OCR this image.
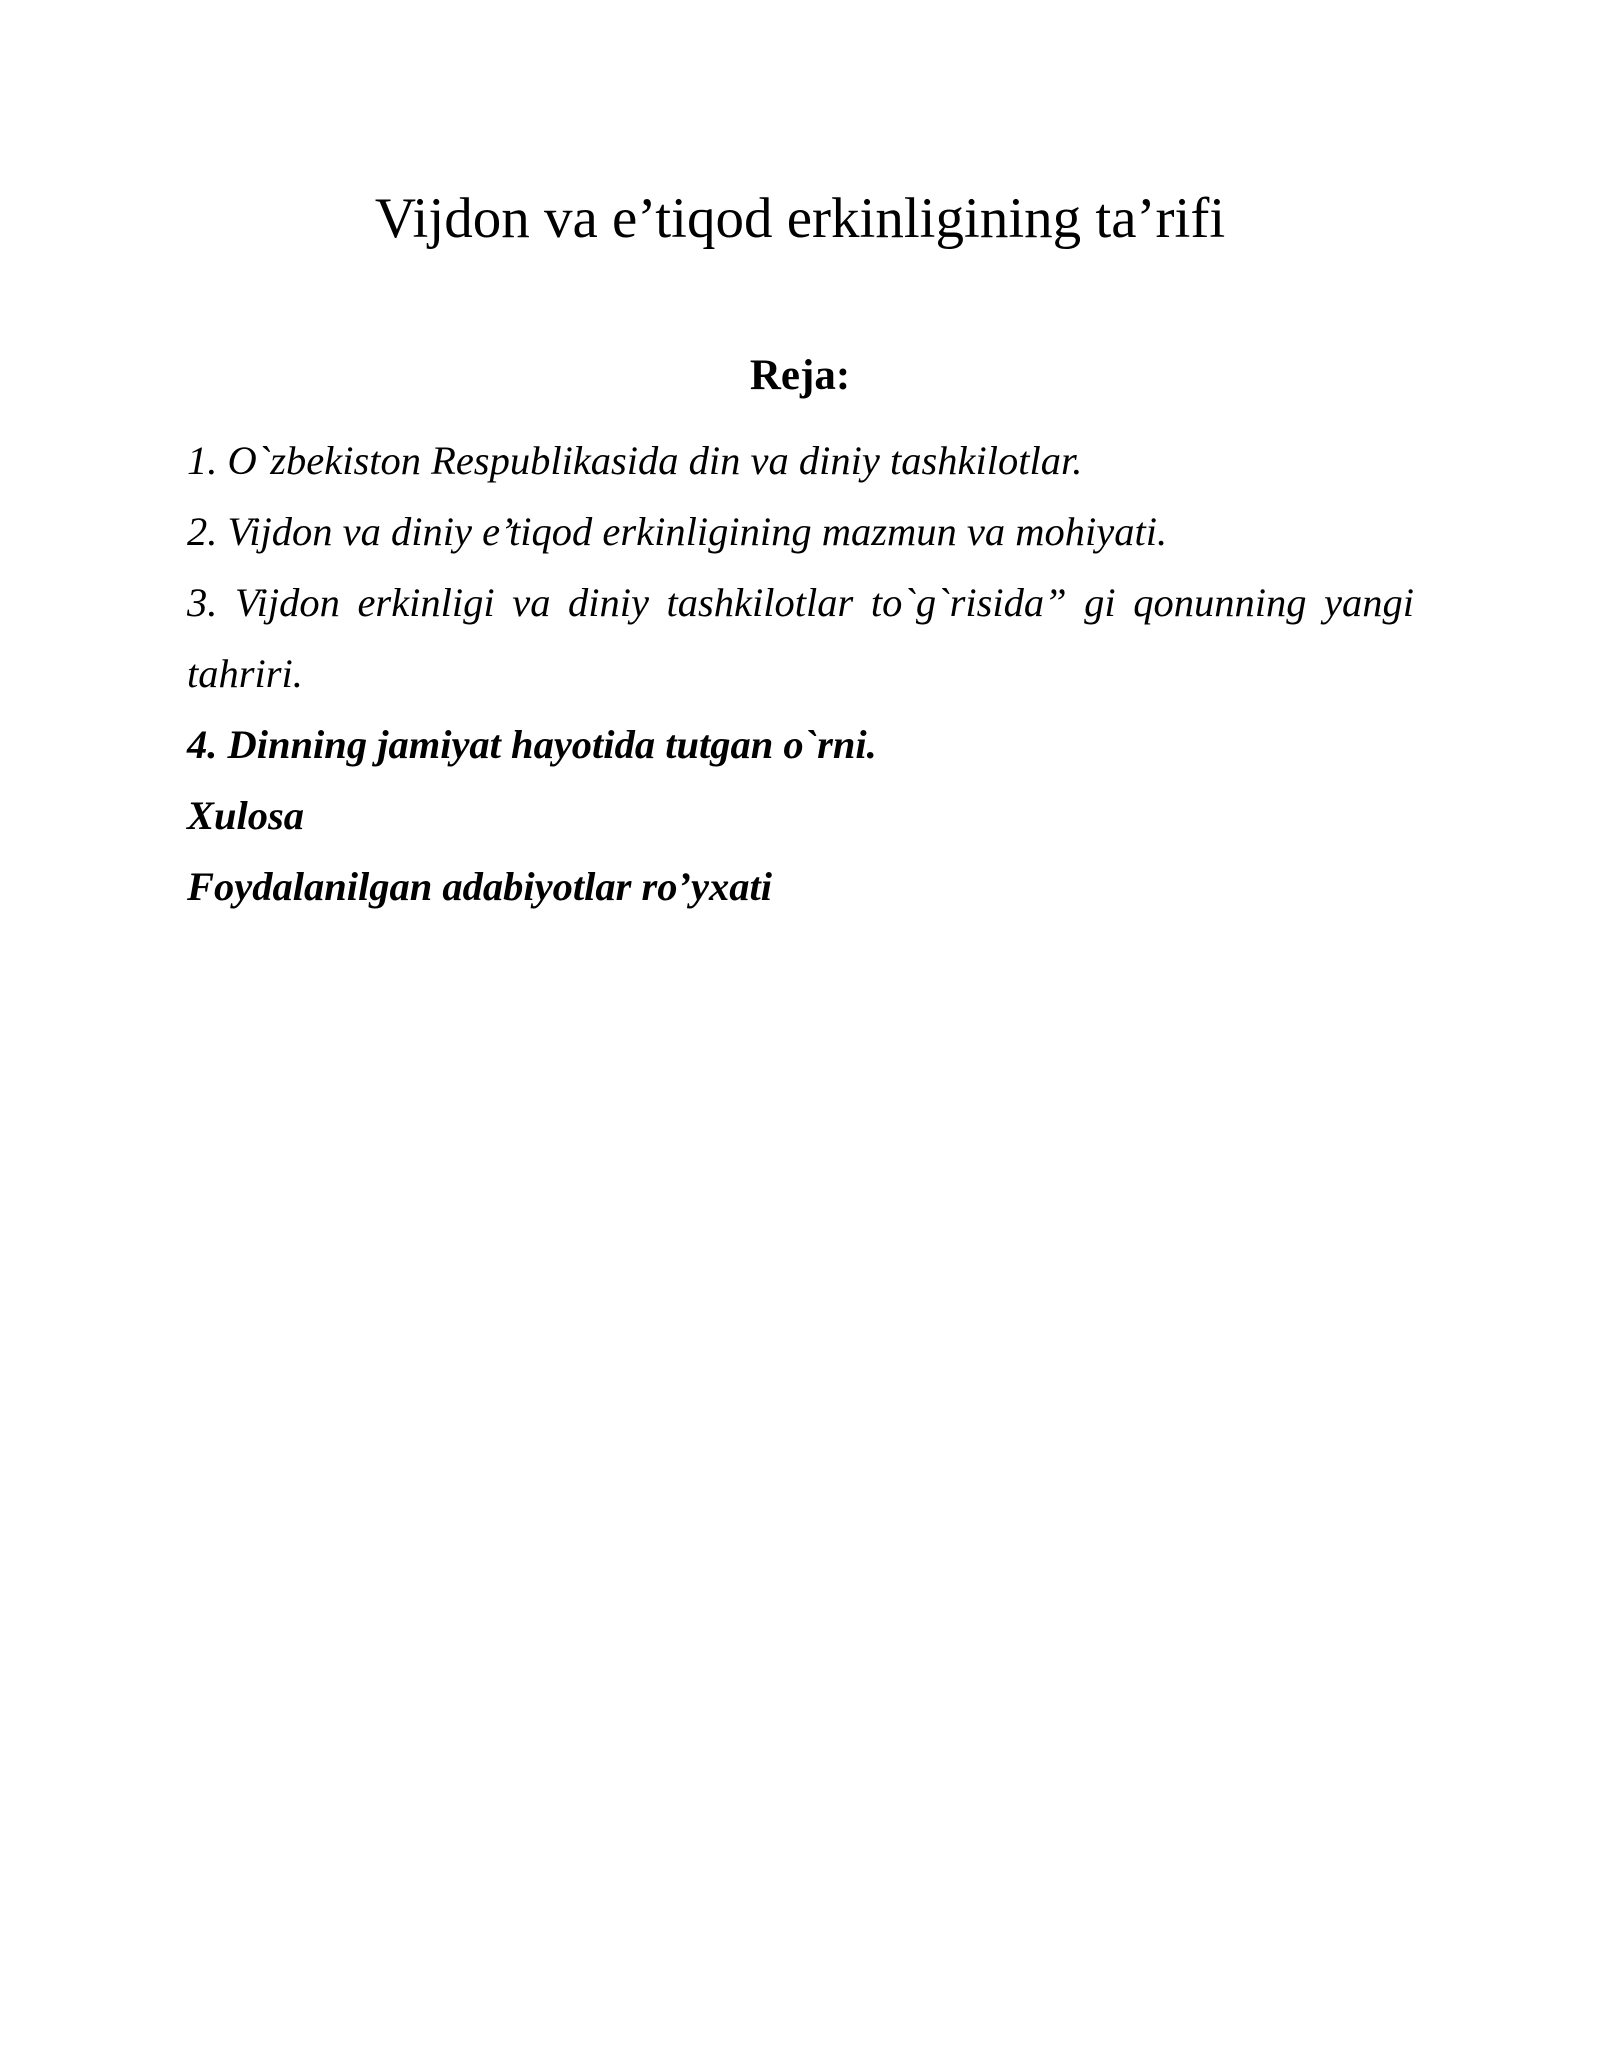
Vijdon va e’tiqod erkinligining ta’rifi
Reja:
1. O`zbekiston Respublikasida din va diniy tashkilotlar.
2. Vijdon va diniy e’tiqod erkinligining mazmun va mohiyati.
3. Vijdon erkinligi va diniy tashkilotlar to`g`risida” gi qonunning yangi tahriri.
4. Dinning jamiyat hayotida tutgan o`rni.
Xulosa
Foydalanilgan adabiyotlar ro’yxati
